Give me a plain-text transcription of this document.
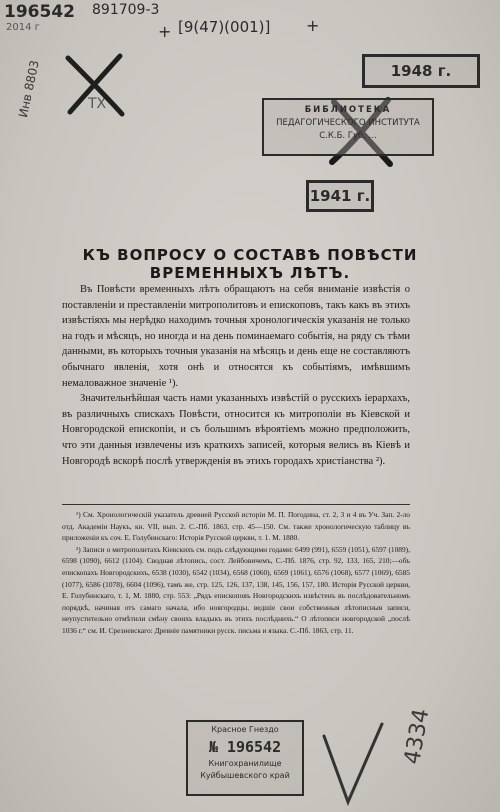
196542 891709-3
+ [9(47)(001)] +
2014 г
Инв 8803	ТХ
4334
1948 г.
БИБЛИОТЕКА
ПЕДАГОГИЧЕСКОГО ИНСТИТУТА
С.К.Б. Губ. ...
1941 г.
Красное Гнездо
№ 196542
Книгохранилище
Куйбышевского край
КЪ ВОПРОСУ О СОСТАВѢ ПОВѢСТИ ВРЕМЕННЫХЪ ЛѢТЪ.

Въ Повѣсти временныхъ лѣтъ обращаютъ на себя вниманіе извѣстія о поставленіи и преставленіи митрополитовъ и епископовъ, такъ какъ въ этихъ извѣстіяхъ мы нерѣдко находимъ точныя хронологическія указанія не только на годъ и мѣсяцъ, но иногда и на день поминаемаго событія, на ряду съ тѣми данными, въ которыхъ точныя указанія на мѣсяцъ и день еще не составляютъ обычнаго явленія, хотя онѣ и относятся къ событіямъ, имѣвшимъ немаловажное значеніе ¹).

Значительнѣйшая часть нами указанныхъ извѣстій о русскихъ іерархахъ, въ различныхъ спискахъ Повѣсти, относится къ митрополіи въ Кіевской и Новгородской епископіи, и съ большимъ вѣроятіемъ можно предположить, что эти данныя извлечены изъ краткихъ записей, которыя велись въ Кіевѣ и Новгородѣ вскорѣ послѣ утвержденія въ этихъ городахъ христіанства ²).

¹) См. Хронологическій указатель древней Русской исторіи М. П. Погодина, ст. 2, 3 и 4 въ Уч. Зап. 2-ло отд. Академіи Наукъ, кн. VII, вып. 2. С.-Пб. 1863, стр. 45—150. См. также хронологическую таблицу въ приложеніи къ соч. Е. Голубинскаго: Исторія Русской церкви, т. 1. М. 1880.

²) Записи о митрополитахъ Кіевскихъ см. подъ слѣдующими годами: 6499 (991), 6559 (1051), 6597 (1089), 6598 (1090), 6612 (1104). Сводная лѣтопись, сост. Лейбовичемъ, С.-Пб. 1876, стр. 92, 133, 165, 210;—объ епископахъ Новгородскихъ, 6538 (1030), 6542 (1034), 6568 (1060), 6569 (1061), 6576 (1068), 6577 (1069), 6585 (1077), 6586 (1078), 6604 (1096), тамъ же, стр. 125, 126, 137, 138, 145, 156, 157, 180. Исторія Русской церкви, Е. Голубинскаго, т. 1, М. 1880, стр. 553: „Рядъ епископовъ Новгородскихъ извѣстенъ въ послѣдовательномъ порядкѣ, начиная отъ самаго начала, ибо новгородцы, ведшіе свои собственныя лѣтописныя записи, неупустительно отмѣтили смѣну своихъ владыкъ въ этихъ послѣднихъ.“ О лѣтописи новгородской „послѣ 1036 г.“ см. И. Срезневскаго: Древніе памятники русск. письма и языка. С.-Пб. 1863, стр. 11.
